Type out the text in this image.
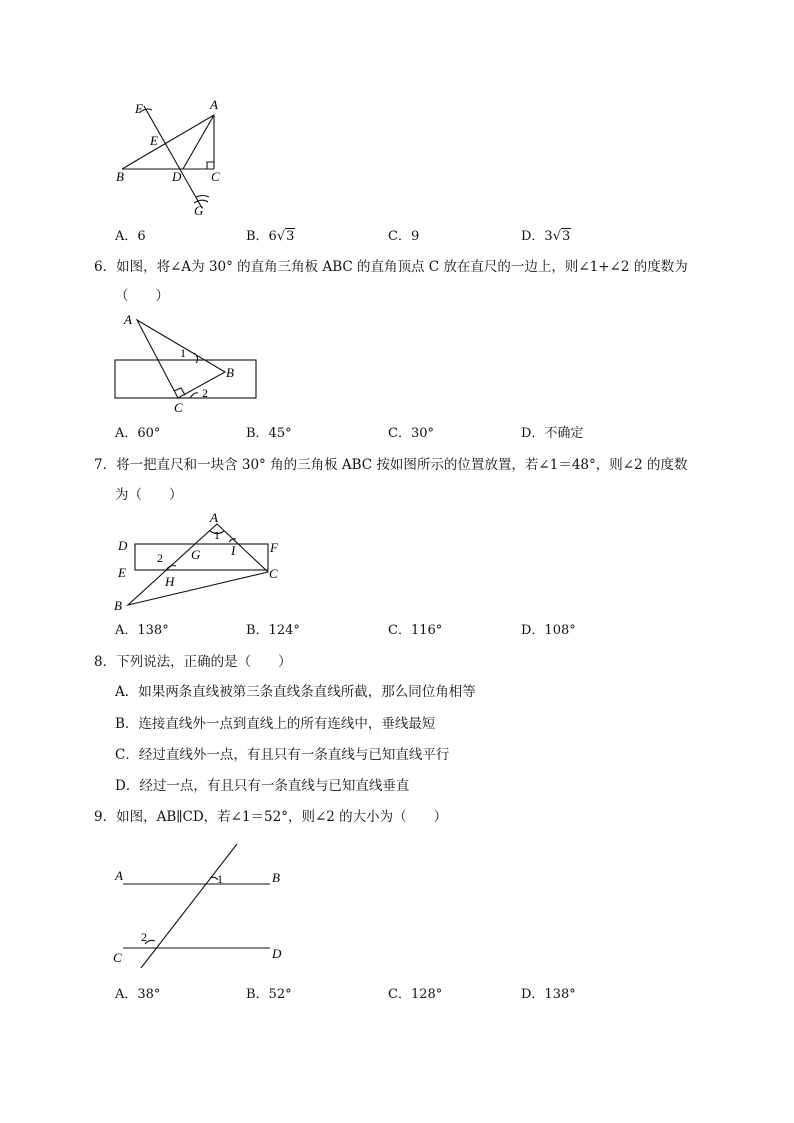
F	A
E
B	D C
G
A．6	B．6√3	C．9	D．3√3
6．如图，将∠A为 30° 的直角三角板 ABC 的直角顶点 C 放在直尺的一边上，则∠1+∠2 的度数为
（　　）
A
B
C
1
2
A．60°	B．45°	C．30°	D．不确定
7．将一把直尺和一块含 30° 角的三角板 ABC 按如图所示的位置放置，若∠1＝48°，则∠2 的度数
为（　　）
A
D	F
E	C
B
G
H
I
1
2
A．138°	B．124°	C．116°	D．108°
8．下列说法，正确的是（　　）
A．如果两条直线被第三条直线条直线所截，那么同位角相等
B．连接直线外一点到直线上的所有连线中，垂线最短
C．经过直线外一点，有且只有一条直线与已知直线平行
D．经过一点，有且只有一条直线与已知直线垂直
9．如图，AB∥CD，若∠1＝52°，则∠2 的大小为（　　）
A	B
C	D
1
2
A．38°	B．52°	C．128°	D．138°
